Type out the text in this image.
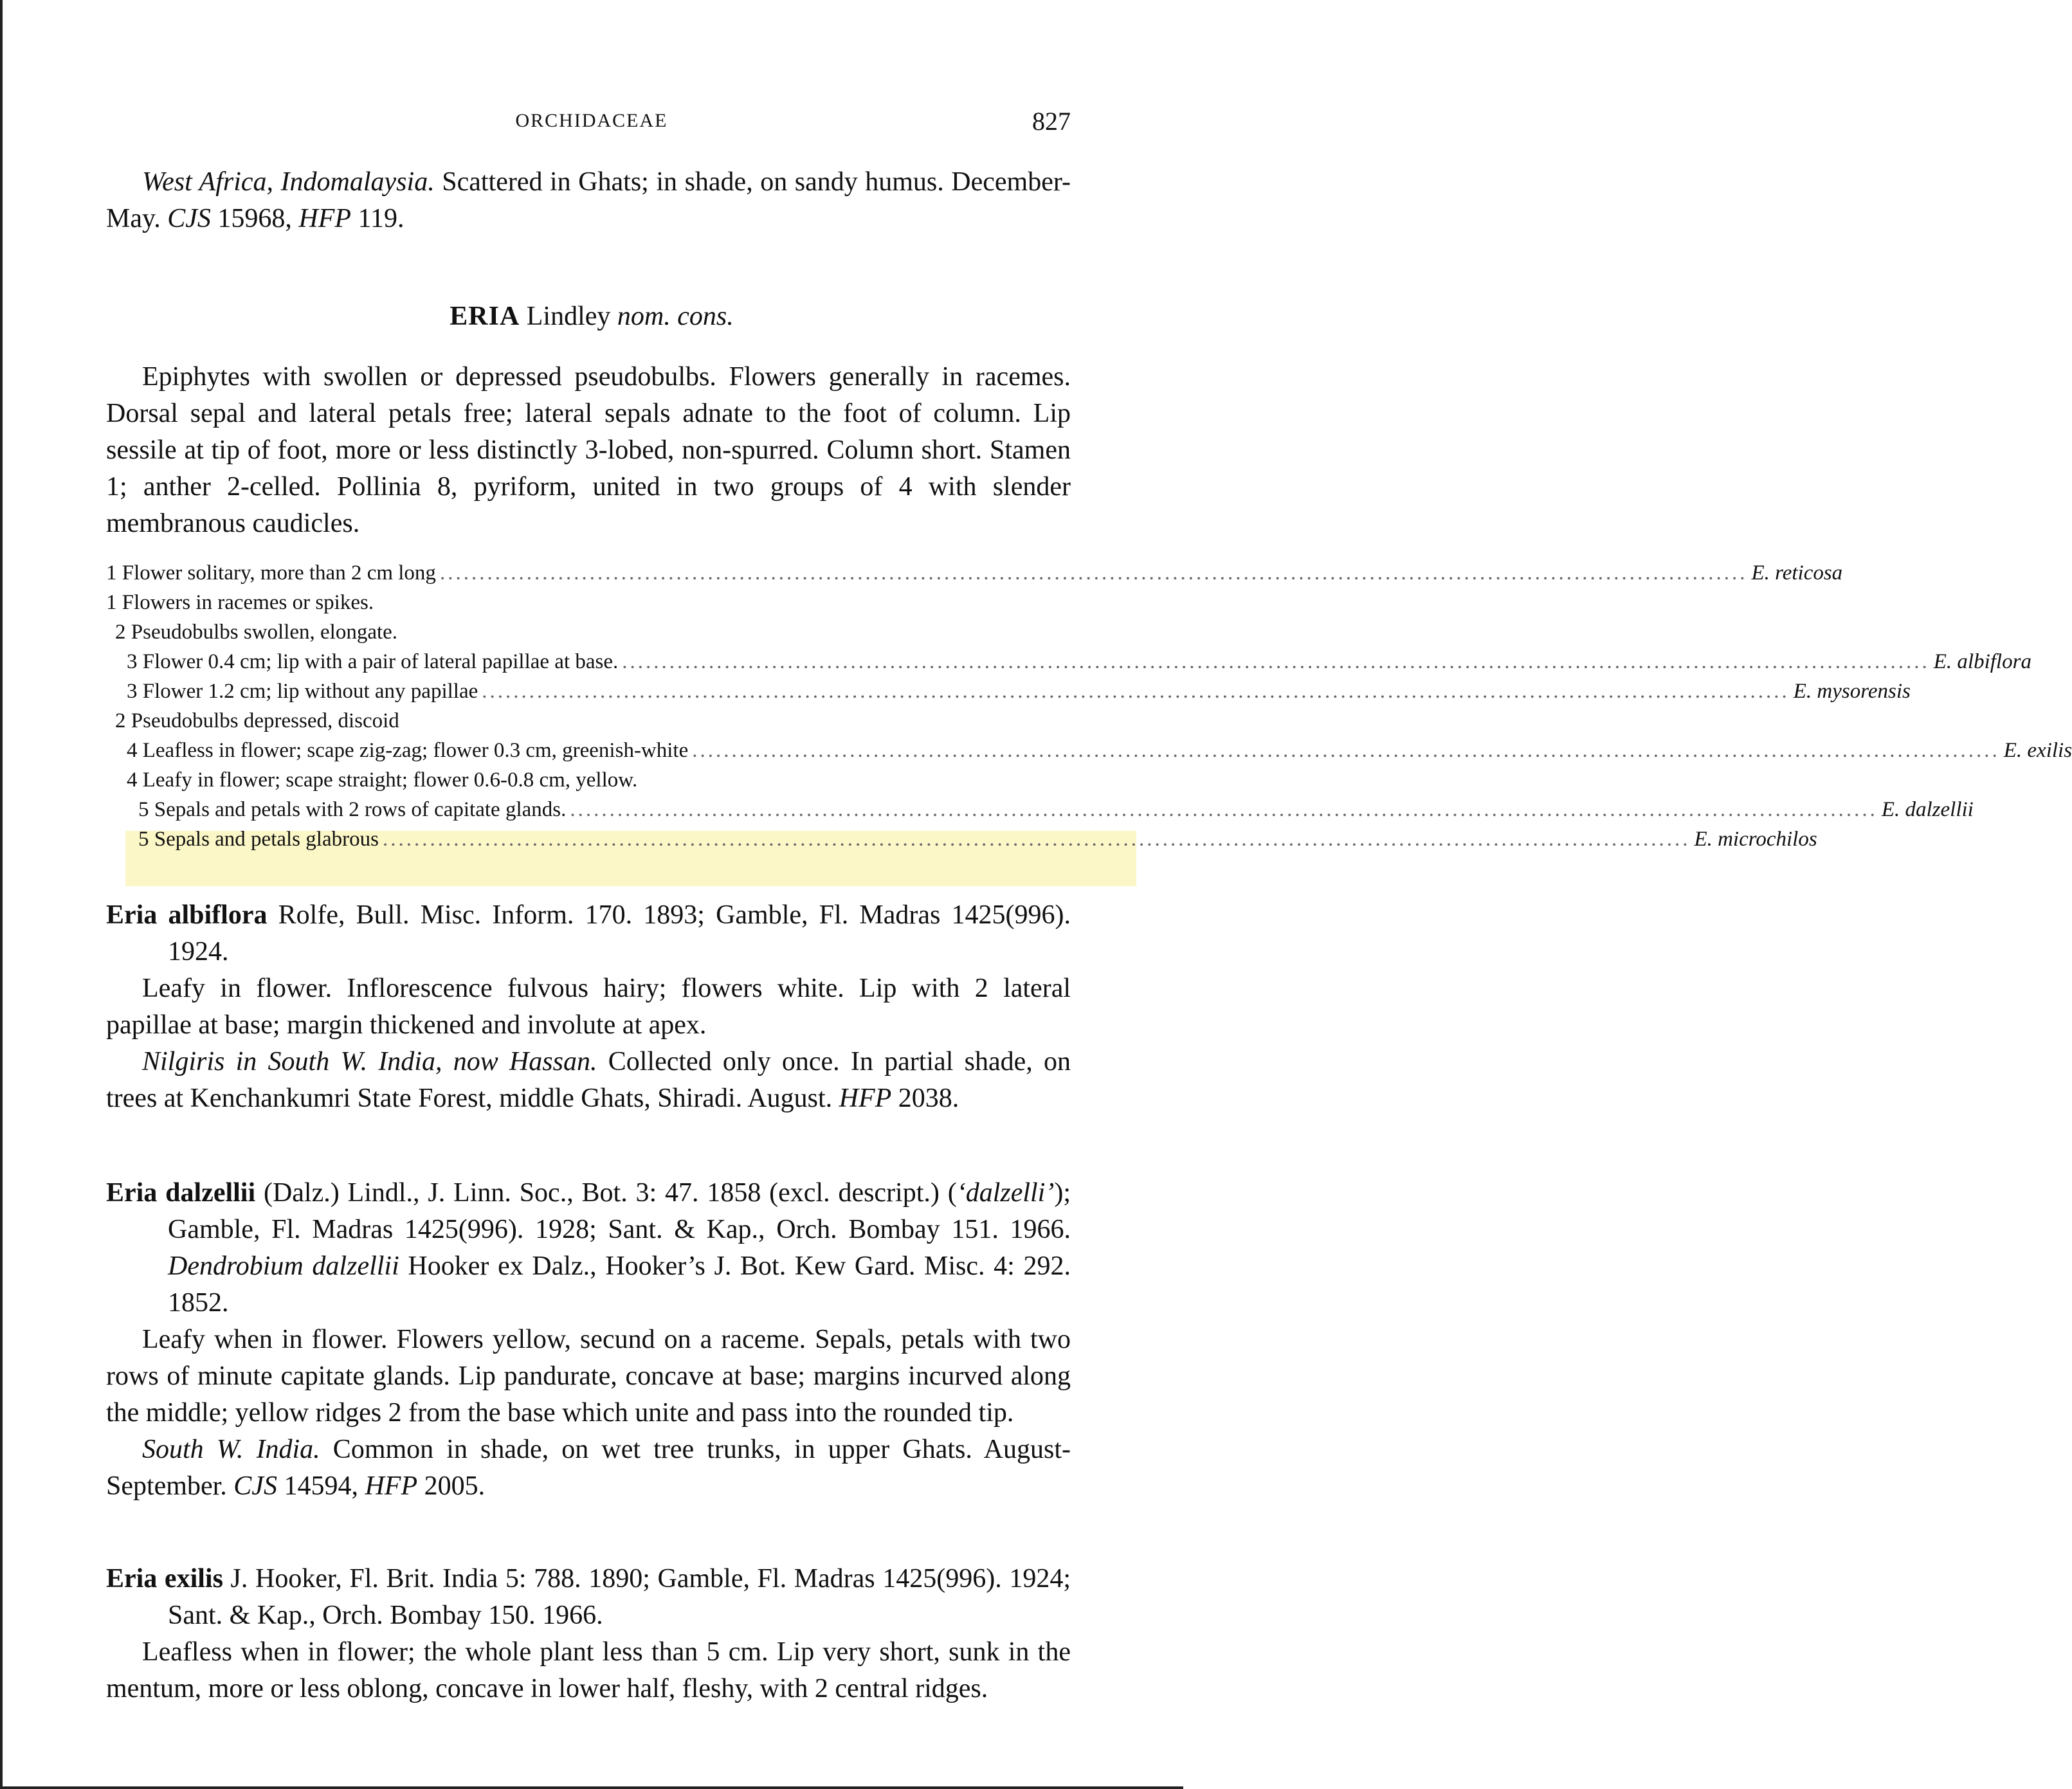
ORCHIDACEAE	827

West Africa, Indomalaysia. Scattered in Ghats; in shade, on sandy humus. December-May. CJS 15968, HFP 119.

ERIA Lindley nom. cons.

Epiphytes with swollen or depressed pseudobulbs. Flowers generally in racemes. Dorsal sepal and lateral petals free; lateral sepals adnate to the foot of column. Lip sessile at tip of foot, more or less distinctly 3-lobed, non-spurred. Column short. Stamen 1; anther 2-celled. Pollinia 8, pyriform, united in two groups of 4 with slender membranous caudicles.

1 Flower solitary, more than 2 cm long ...................................................................................................................................................................... E. reticosa
1 Flowers in racemes or spikes.
2 Pseudobulbs swollen, elongate.
3 Flower 0.4 cm; lip with a pair of lateral papillae at base. ...................................................................................................................................................................... E. albiflora
3 Flower 1.2 cm; lip without any papillae ...................................................................................................................................................................... E. mysorensis
2 Pseudobulbs depressed, discoid
4 Leafless in flower; scape zig-zag; flower 0.3 cm, greenish-white ...................................................................................................................................................................... E. exilis
4 Leafy in flower; scape straight; flower 0.6-0.8 cm, yellow.
5 Sepals and petals with 2 rows of capitate glands. ...................................................................................................................................................................... E. dalzellii
5 Sepals and petals glabrous ...................................................................................................................................................................... E. microchilos

Eria albiflora Rolfe, Bull. Misc. Inform. 170. 1893; Gamble, Fl. Madras 1425(996). 1924.

Leafy in flower. Inflorescence fulvous hairy; flowers white. Lip with 2 lateral papillae at base; margin thickened and involute at apex.

Nilgiris in South W. India, now Hassan. Collected only once. In partial shade, on trees at Kenchankumri State Forest, middle Ghats, Shiradi. August. HFP 2038.

Eria dalzellii (Dalz.) Lindl., J. Linn. Soc., Bot. 3: 47. 1858 (excl. descript.) (‘dalzelli’); Gamble, Fl. Madras 1425(996). 1928; Sant. & Kap., Orch. Bombay 151. 1966. Dendrobium dalzellii Hooker ex Dalz., Hooker’s J. Bot. Kew Gard. Misc. 4: 292. 1852.

Leafy when in flower. Flowers yellow, secund on a raceme. Sepals, petals with two rows of minute capitate glands. Lip pandurate, concave at base; margins incurved along the middle; yellow ridges 2 from the base which unite and pass into the rounded tip.

South W. India. Common in shade, on wet tree trunks, in upper Ghats. August-September. CJS 14594, HFP 2005.

Eria exilis J. Hooker, Fl. Brit. India 5: 788. 1890; Gamble, Fl. Madras 1425(996). 1924; Sant. & Kap., Orch. Bombay 150. 1966.

Leafless when in flower; the whole plant less than 5 cm. Lip very short, sunk in the mentum, more or less oblong, concave in lower half, fleshy, with 2 central ridges.
